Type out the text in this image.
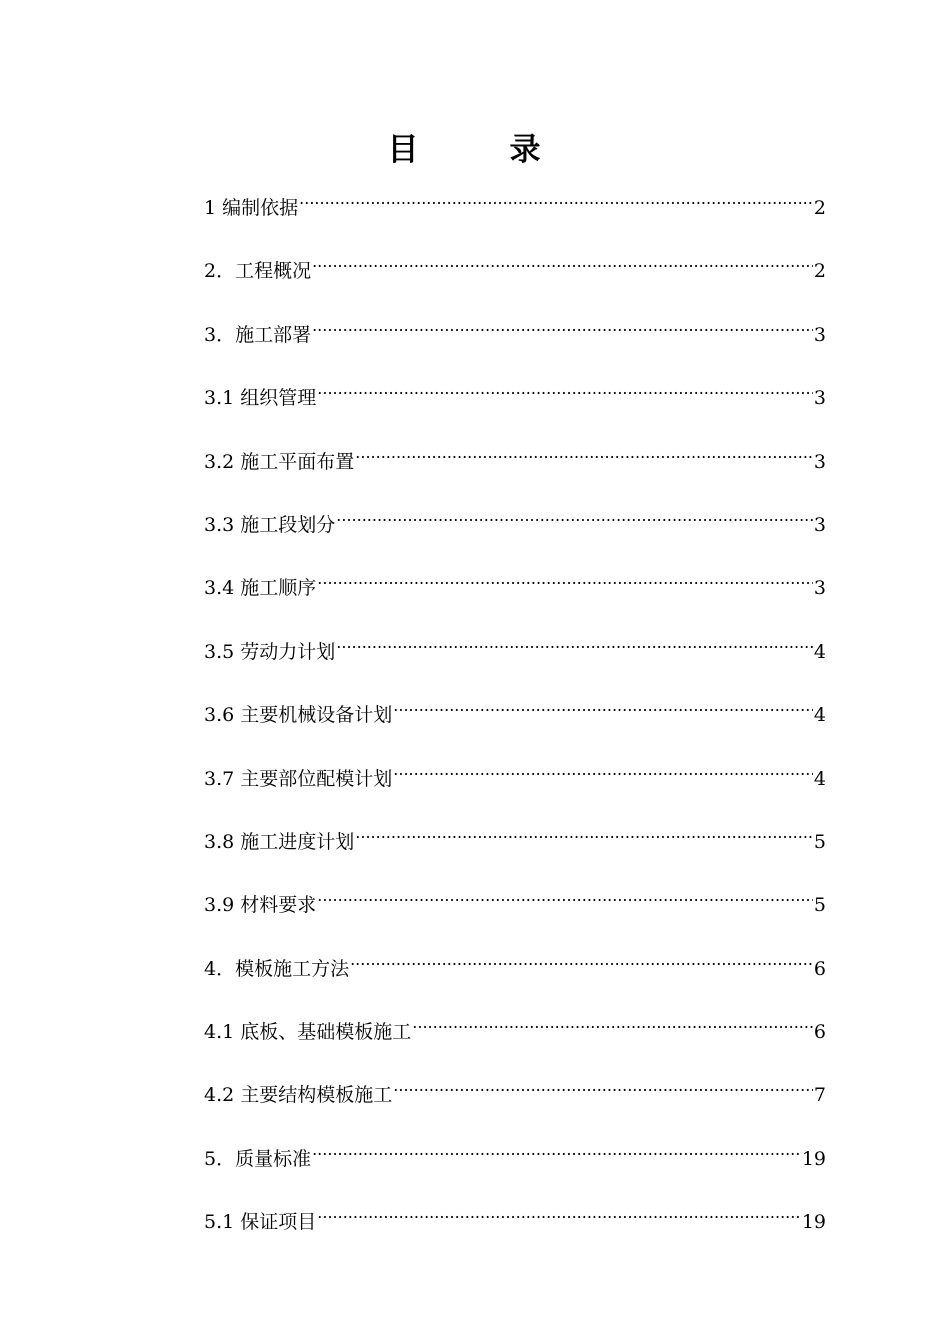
目　录
1 编制依据 .....	2
2．工程概况 .....	2
3．施工部署 .....	3
3.1 组织管理 .....	3
3.2 施工平面布置 .....	3
3.3 施工段划分 .....	3
3.4 施工顺序 .....	3
3.5 劳动力计划 .....	4
3.6 主要机械设备计划 .....	4
3.7 主要部位配模计划 .....	4
3.8 施工进度计划 .....	5
3.9 材料要求 .....	5
4．模板施工方法 .....	6
4.1 底板、基础模板施工 .....	6
4.2 主要结构模板施工 .....	7
5．质量标准 .....	19
5.1 保证项目 .....	19
